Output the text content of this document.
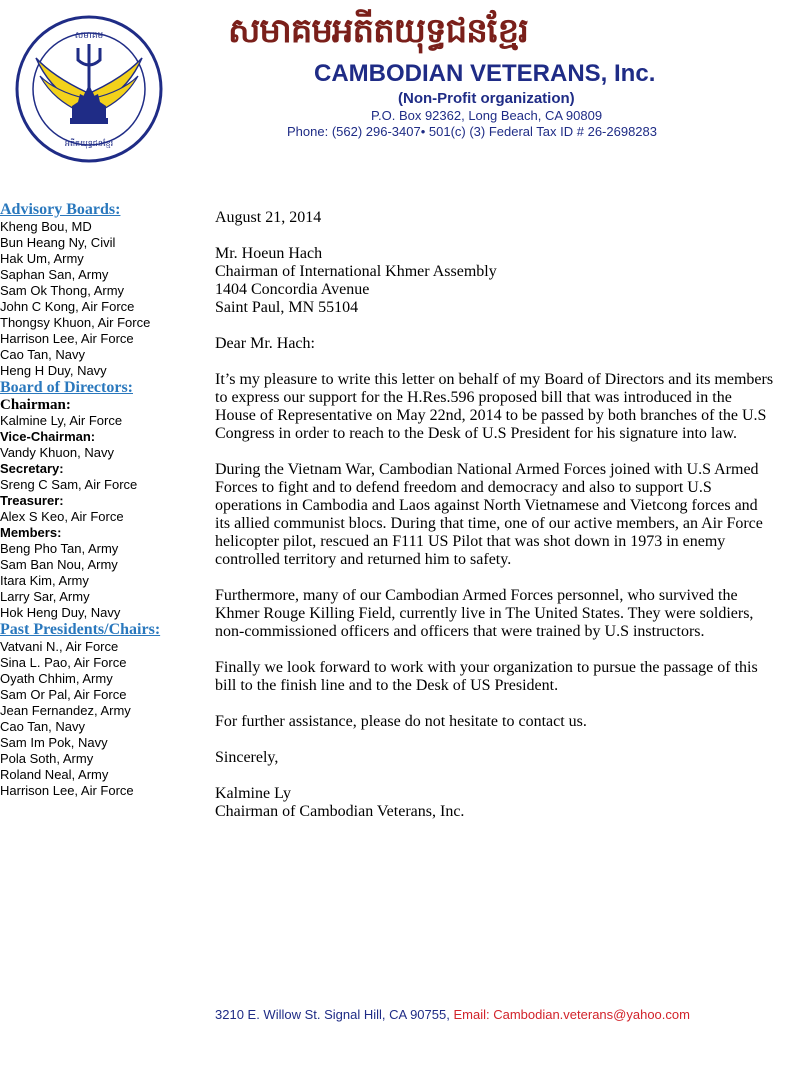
សមាគម
អតីតយុទ្ធជនខែ្មរ
សមាគមអតីតយុទ្ធជនខែ្មរ
CAMBODIAN VETERANS, Inc.
(Non-Profit organization)
P.O. Box 92362, Long Beach, CA 90809
Phone: (562) 296-3407• 501(c) (3) Federal Tax ID # 26-2698283
Advisory Boards:
Kheng Bou, MD
Bun Heang Ny, Civil
Hak Um, Army
Saphan San, Army
Sam Ok Thong, Army
John C Kong, Air Force
Thongsy Khuon, Air Force
Harrison Lee, Air Force
Cao Tan, Navy
Heng H Duy, Navy
Board of Directors:
Chairman:
Kalmine Ly, Air Force
Vice-Chairman:
Vandy Khuon, Navy
Secretary:
Sreng C Sam, Air Force
Treasurer:
Alex S Keo, Air Force
Members:
Beng Pho Tan, Army
Sam Ban Nou, Army
Itara Kim, Army
Larry Sar, Army
Hok Heng Duy, Navy
Past Presidents/Chairs:
Vatvani N., Air Force
Sina L. Pao, Air Force
Oyath Chhim, Army
Sam Or Pal, Air Force
Jean Fernandez, Army
Cao Tan, Navy
Sam Im Pok, Navy
Pola Soth, Army
Roland Neal, Army
Harrison Lee, Air Force

August 21, 2014

Mr. Hoeun Hach
Chairman of International Khmer Assembly
1404 Concordia Avenue
Saint Paul, MN 55104

Dear Mr. Hach:

It’s my pleasure to write this letter on behalf of my Board of Directors and its members to express our support for the H.Res.596 proposed bill that was introduced in the House of Representative on May 22nd, 2014 to be passed by both branches of the U.S Congress in order to reach to the Desk of U.S President for his signature into law.

During the Vietnam War, Cambodian National Armed Forces joined with U.S Armed Forces to fight and to defend freedom and democracy and also to support U.S operations in Cambodia and Laos against North Vietnamese and Vietcong forces and its allied communist blocs. During that time, one of our active members, an Air Force helicopter pilot, rescued an F111 US Pilot that was shot down in 1973 in enemy controlled territory and returned him to safety.

Furthermore, many of our Cambodian Armed Forces personnel, who survived the Khmer Rouge Killing Field, currently live in The United States. They were soldiers, non-commissioned officers and officers that were trained by U.S instructors.

Finally we look forward to work with your organization to pursue the passage of this bill to the finish line and to the Desk of US President.

For further assistance, please do not hesitate to contact us.

Sincerely,

Kalmine Ly

Chairman of Cambodian Veterans, Inc.

3210 E. Willow St. Signal Hill, CA 90755, Email: Cambodian.veterans@yahoo.com
